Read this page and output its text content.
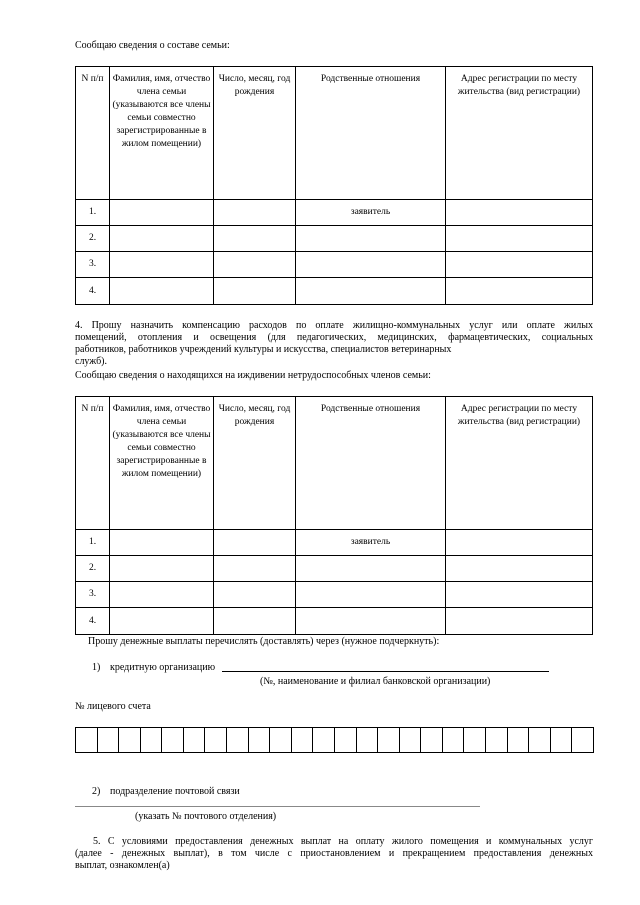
Сообщаю сведения о составе семьи:
N п/п	Фамилия, имя, отчество члена семьи (указываются все члены семьи совместно зарегистрированные в жилом помещении)	Число, месяц, год рождения	Родственные отношения	Адрес регистрации по месту жительства (вид регистрации)
1.			заявитель	
2.				
3.				
4.				
4. Прошу назначить компенсацию расходов по оплате жилищно-коммунальных услуг или оплате жилых
помещений, отопления и освещения (для педагогических, медицинских, фармацевтических, социальных
работников, работников учреждений культуры и искусства, специалистов ветеринарных
служб).
Сообщаю сведения о находящихся на иждивении нетрудоспособных членов семьи:
N п/п	Фамилия, имя, отчество члена семьи (указываются все члены семьи совместно зарегистрированные в жилом помещении)	Число, месяц, год рождения	Родственные отношения	Адрес регистрации по месту жительства (вид регистрации)
1.			заявитель	
2.				
3.				
4.				
Прошу денежные выплаты перечислять (доставлять) через (нужное подчеркнуть):
1) кредитную организацию
(№, наименование и филиал банковской организации)
№ лицевого счета

2) подразделение почтовой связи
(указать № почтового отделения)
5. С условиями предоставления денежных выплат на оплату жилого помещения и коммунальных услуг
(далее - денежных выплат), в том числе с приостановлением и прекращением предоставления денежных
выплат, ознакомлен(а)
